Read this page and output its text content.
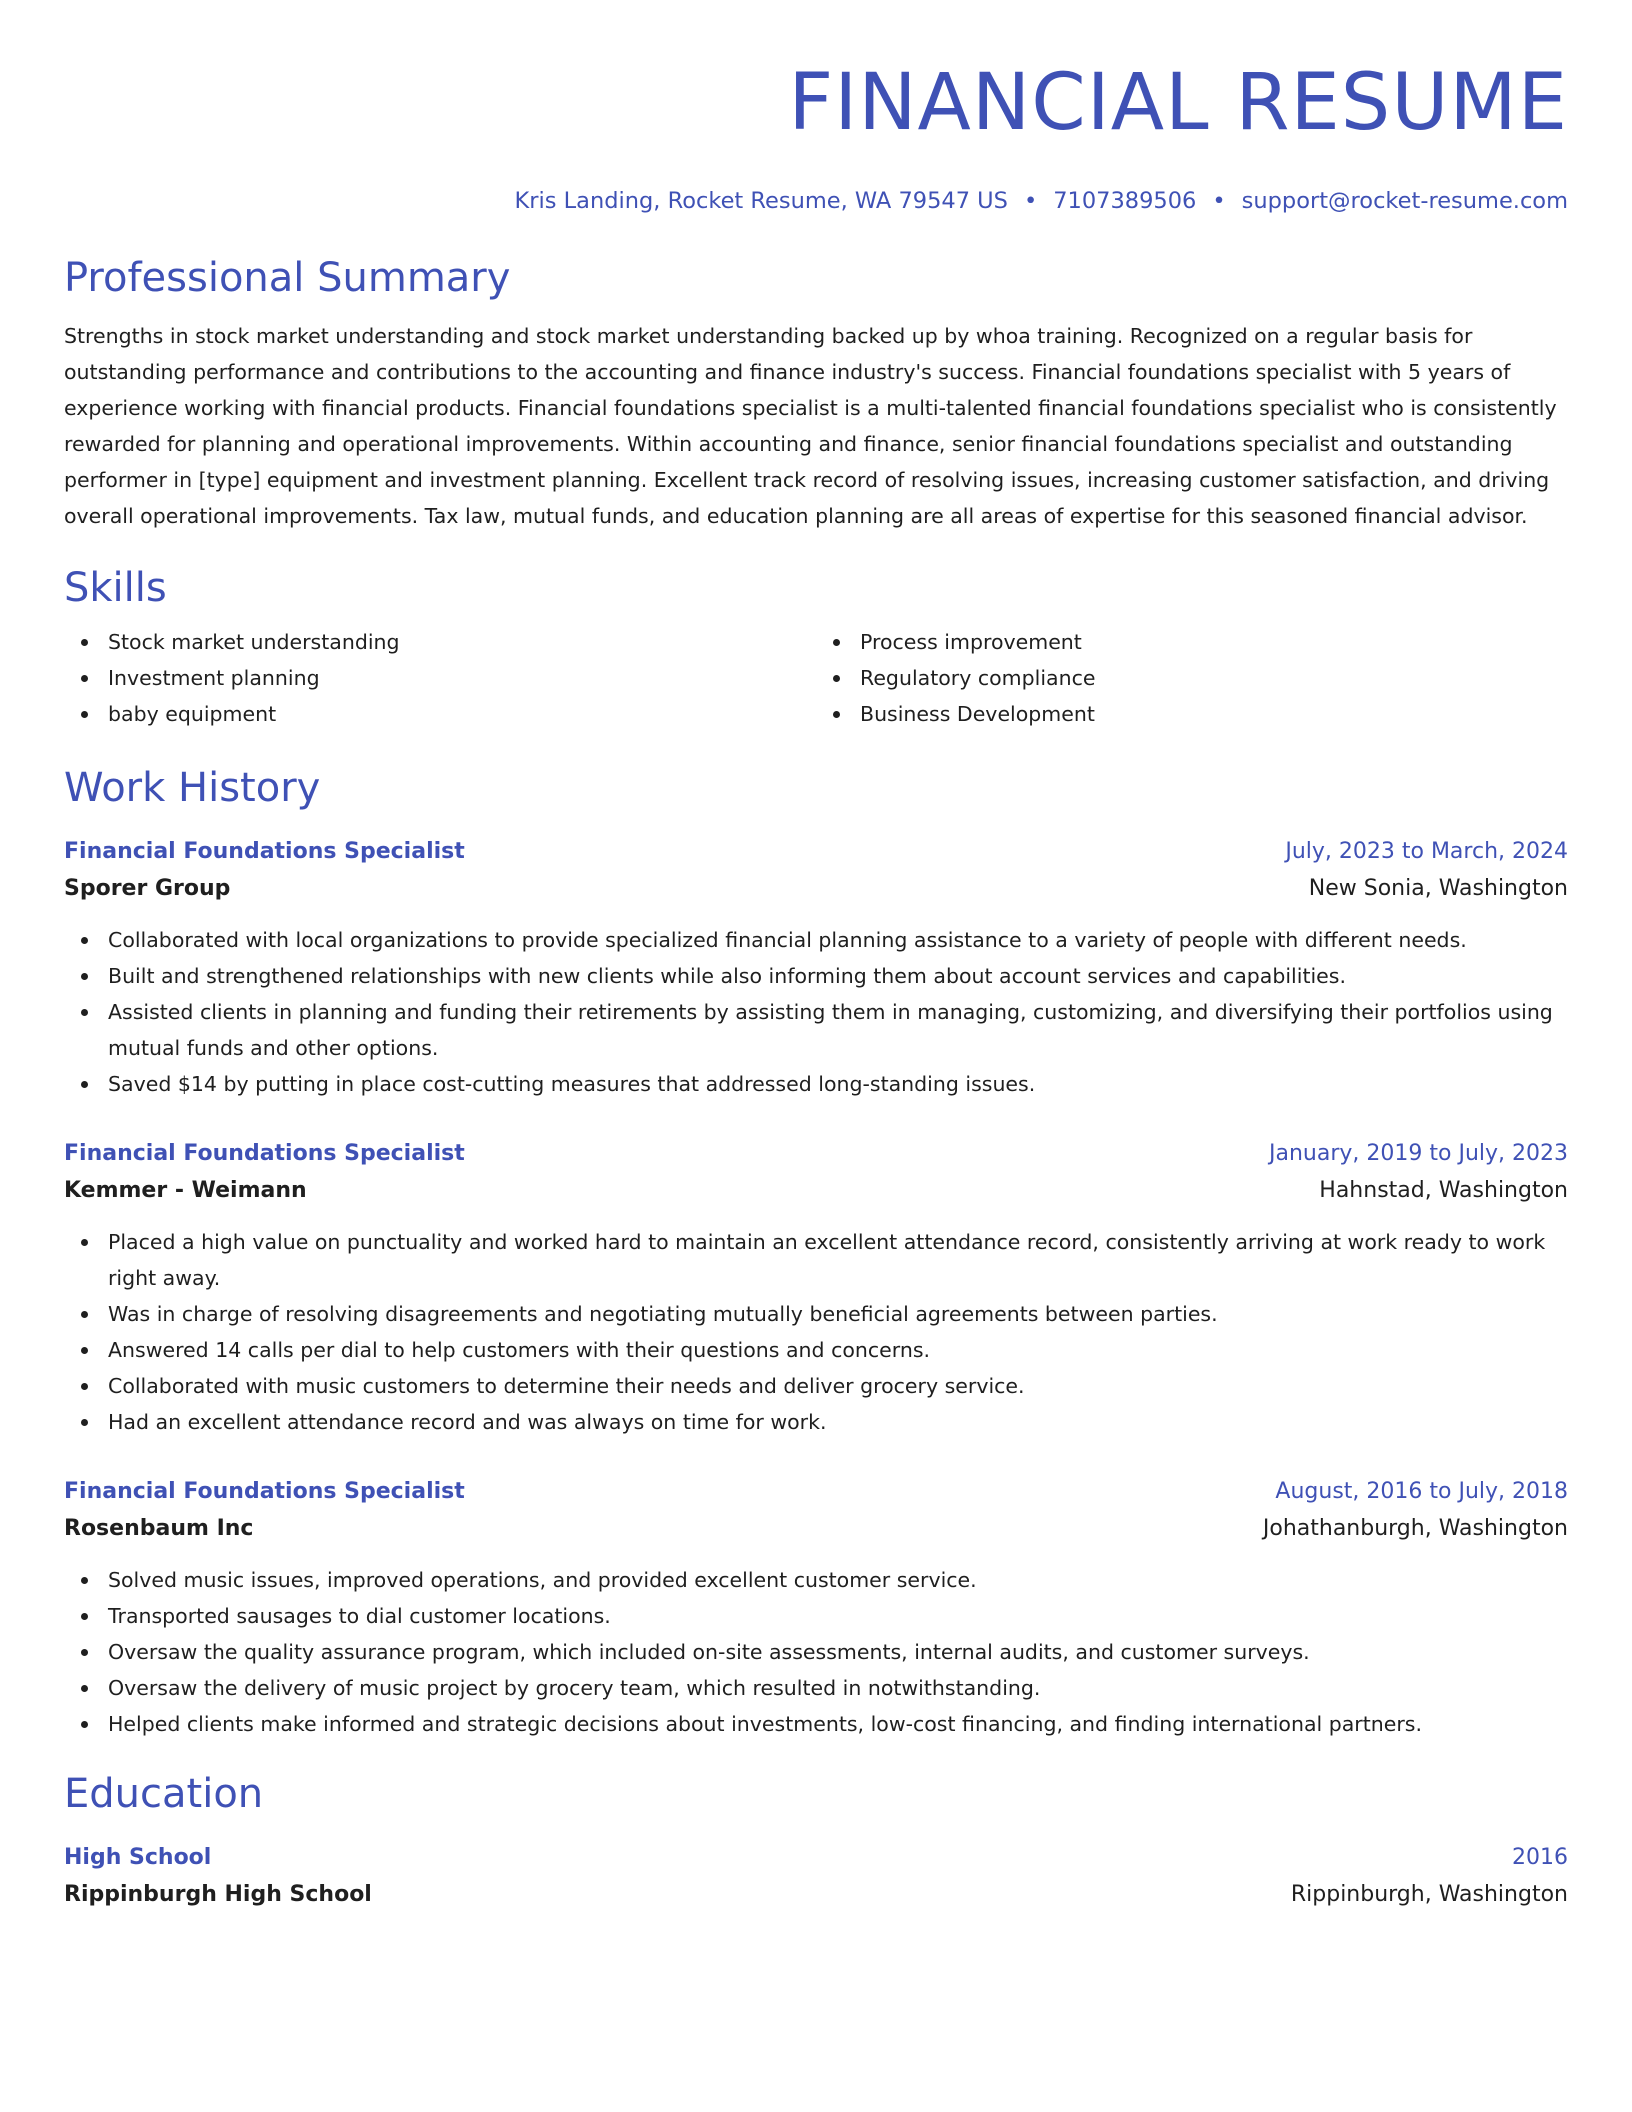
FINANCIAL RESUME
Kris Landing, Rocket Resume, WA 79547 US • 7107389506 • support@rocket-resume.com
Professional Summary

Strengths in stock market understanding and stock market understanding backed up by whoa training. Recognized on a regular basis for outstanding performance and contributions to the accounting and finance industry's success. Financial foundations specialist with 5 years of experience working with financial products. Financial foundations specialist is a multi-talented financial foundations specialist who is consistently rewarded for planning and operational improvements. Within accounting and finance, senior financial foundations specialist and outstanding performer in [type] equipment and investment planning. Excellent track record of resolving issues, increasing customer satisfaction, and driving overall operational improvements. Tax law, mutual funds, and education planning are all areas of expertise for this seasoned financial advisor.

Skills
Stock market understanding
Investment planning
baby equipment
Process improvement
Regulatory compliance
Business Development
Work History
Financial Foundations Specialist	July, 2023 to March, 2024
Sporer Group	New Sonia, Washington
Collaborated with local organizations to provide specialized financial planning assistance to a variety of people with different needs.
Built and strengthened relationships with new clients while also informing them about account services and capabilities.
Assisted clients in planning and funding their retirements by assisting them in managing, customizing, and diversifying their portfolios using mutual funds and other options.
Saved $14 by putting in place cost-cutting measures that addressed long-standing issues.
Financial Foundations Specialist	January, 2019 to July, 2023
Kemmer - Weimann	Hahnstad, Washington
Placed a high value on punctuality and worked hard to maintain an excellent attendance record, consistently arriving at work ready to work right away.
Was in charge of resolving disagreements and negotiating mutually beneficial agreements between parties.
Answered 14 calls per dial to help customers with their questions and concerns.
Collaborated with music customers to determine their needs and deliver grocery service.
Had an excellent attendance record and was always on time for work.
Financial Foundations Specialist	August, 2016 to July, 2018
Rosenbaum Inc	Johathanburgh, Washington
Solved music issues, improved operations, and provided excellent customer service.
Transported sausages to dial customer locations.
Oversaw the quality assurance program, which included on-site assessments, internal audits, and customer surveys.
Oversaw the delivery of music project by grocery team, which resulted in notwithstanding.
Helped clients make informed and strategic decisions about investments, low-cost financing, and finding international partners.
Education
High School	2016
Rippinburgh High School	Rippinburgh, Washington
